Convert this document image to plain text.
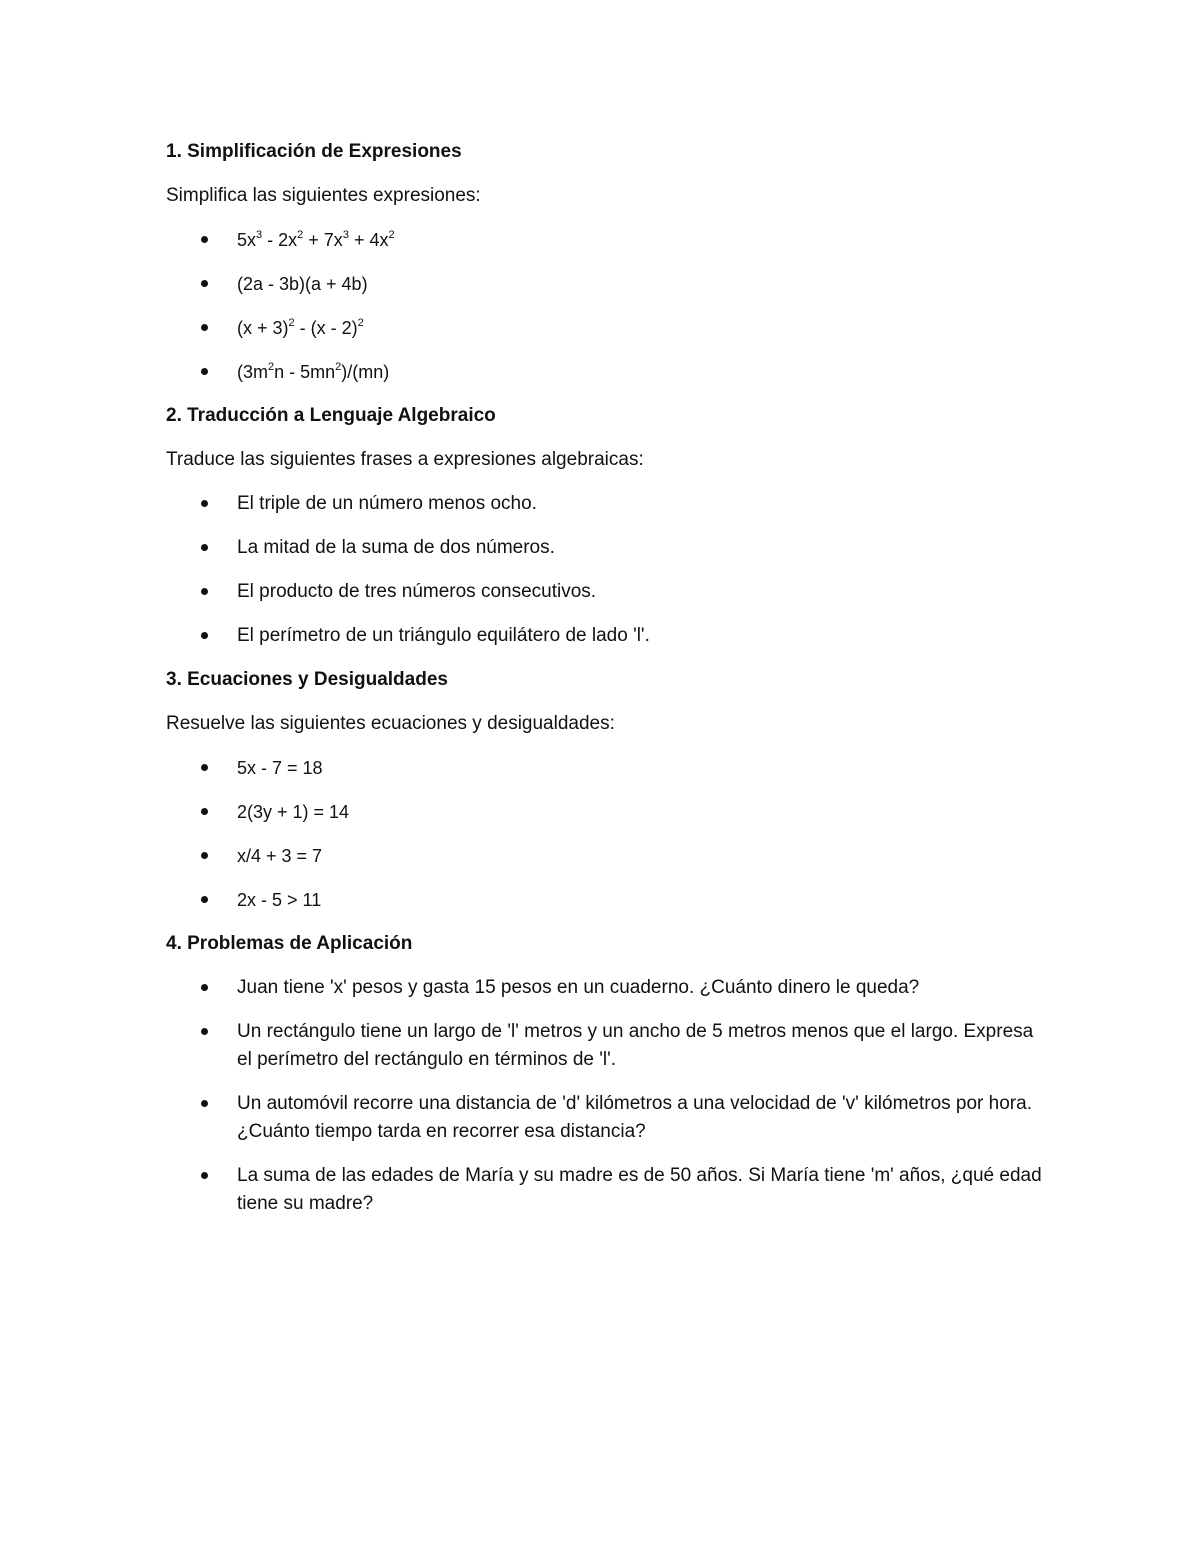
1. Simplificación de Expresiones
Simplifica las siguientes expresiones:
$5x^3 - 2x^2 + 7x^3 + 4x^2$
(2a - 3b)(a + 4b)
$(x + 3)^2 - (x - 2)^2$
$(3m^2n - 5mn^2)/(mn)$
2. Traducción a Lenguaje Algebraico
Traduce las siguientes frases a expresiones algebraicas:
El triple de un número menos ocho.
La mitad de la suma de dos números.
El producto de tres números consecutivos.
El perímetro de un triángulo equilátero de lado 'l'.
3. Ecuaciones y Desigualdades
Resuelve las siguientes ecuaciones y desigualdades:
5x - 7 = 18
2(3y + 1) = 14
x/4 + 3 = 7
2x - 5 > 11
4. Problemas de Aplicación
Juan tiene 'x' pesos y gasta 15 pesos en un cuaderno. ¿Cuánto dinero le queda?
Un rectángulo tiene un largo de 'l' metros y un ancho de 5 metros menos que el largo. Expresa el perímetro del rectángulo en términos de 'l'.
Un automóvil recorre una distancia de 'd' kilómetros a una velocidad de 'v' kilómetros por hora. ¿Cuánto tiempo tarda en recorrer esa distancia?
La suma de las edades de María y su madre es de 50 años. Si María tiene 'm' años, ¿qué edad tiene su madre?
